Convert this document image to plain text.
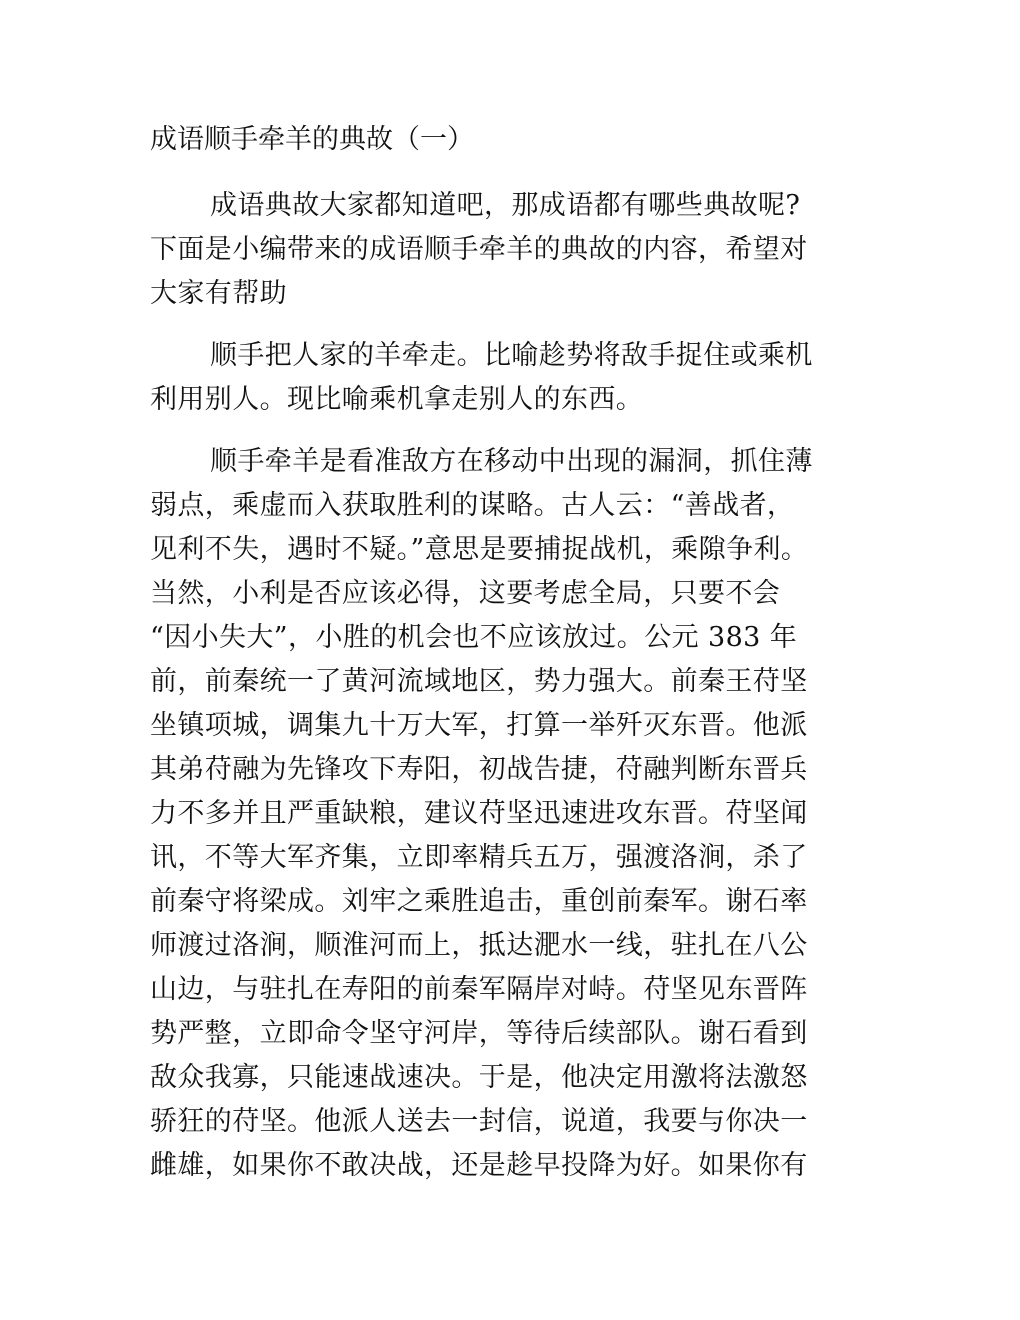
成语顺手牵羊的典故（一）
成语典故大家都知道吧，那成语都有哪些典故呢?
下面是小编带来的成语顺手牵羊的典故的内容，希望对
大家有帮助
顺手把人家的羊牵走。比喻趁势将敌手捉住或乘机
利用别人。现比喻乘机拿走别人的东西。
顺手牵羊是看准敌方在移动中出现的漏洞，抓住薄
弱点，乘虚而入获取胜利的谋略。古人云：“善战者，
见利不失，遇时不疑。”意思是要捕捉战机，乘隙争利。
当然，小利是否应该必得，这要考虑全局，只要不会
“因小失大”，小胜的机会也不应该放过。公元 383 年
前，前秦统一了黄河流域地区，势力强大。前秦王苻坚
坐镇项城，调集九十万大军，打算一举歼灭东晋。他派
其弟苻融为先锋攻下寿阳，初战告捷，苻融判断东晋兵
力不多并且严重缺粮，建议苻坚迅速进攻东晋。苻坚闻
讯，不等大军齐集，立即率精兵五万，强渡洛涧，杀了
前秦守将梁成。刘牢之乘胜追击，重创前秦军。谢石率
师渡过洛涧，顺淮河而上，抵达淝水一线，驻扎在八公
山边，与驻扎在寿阳的前秦军隔岸对峙。苻坚见东晋阵
势严整，立即命令坚守河岸，等待后续部队。谢石看到
敌众我寡，只能速战速决。于是，他决定用激将法激怒
骄狂的苻坚。他派人送去一封信，说道，我要与你决一
雌雄，如果你不敢决战，还是趁早投降为好。如果你有
